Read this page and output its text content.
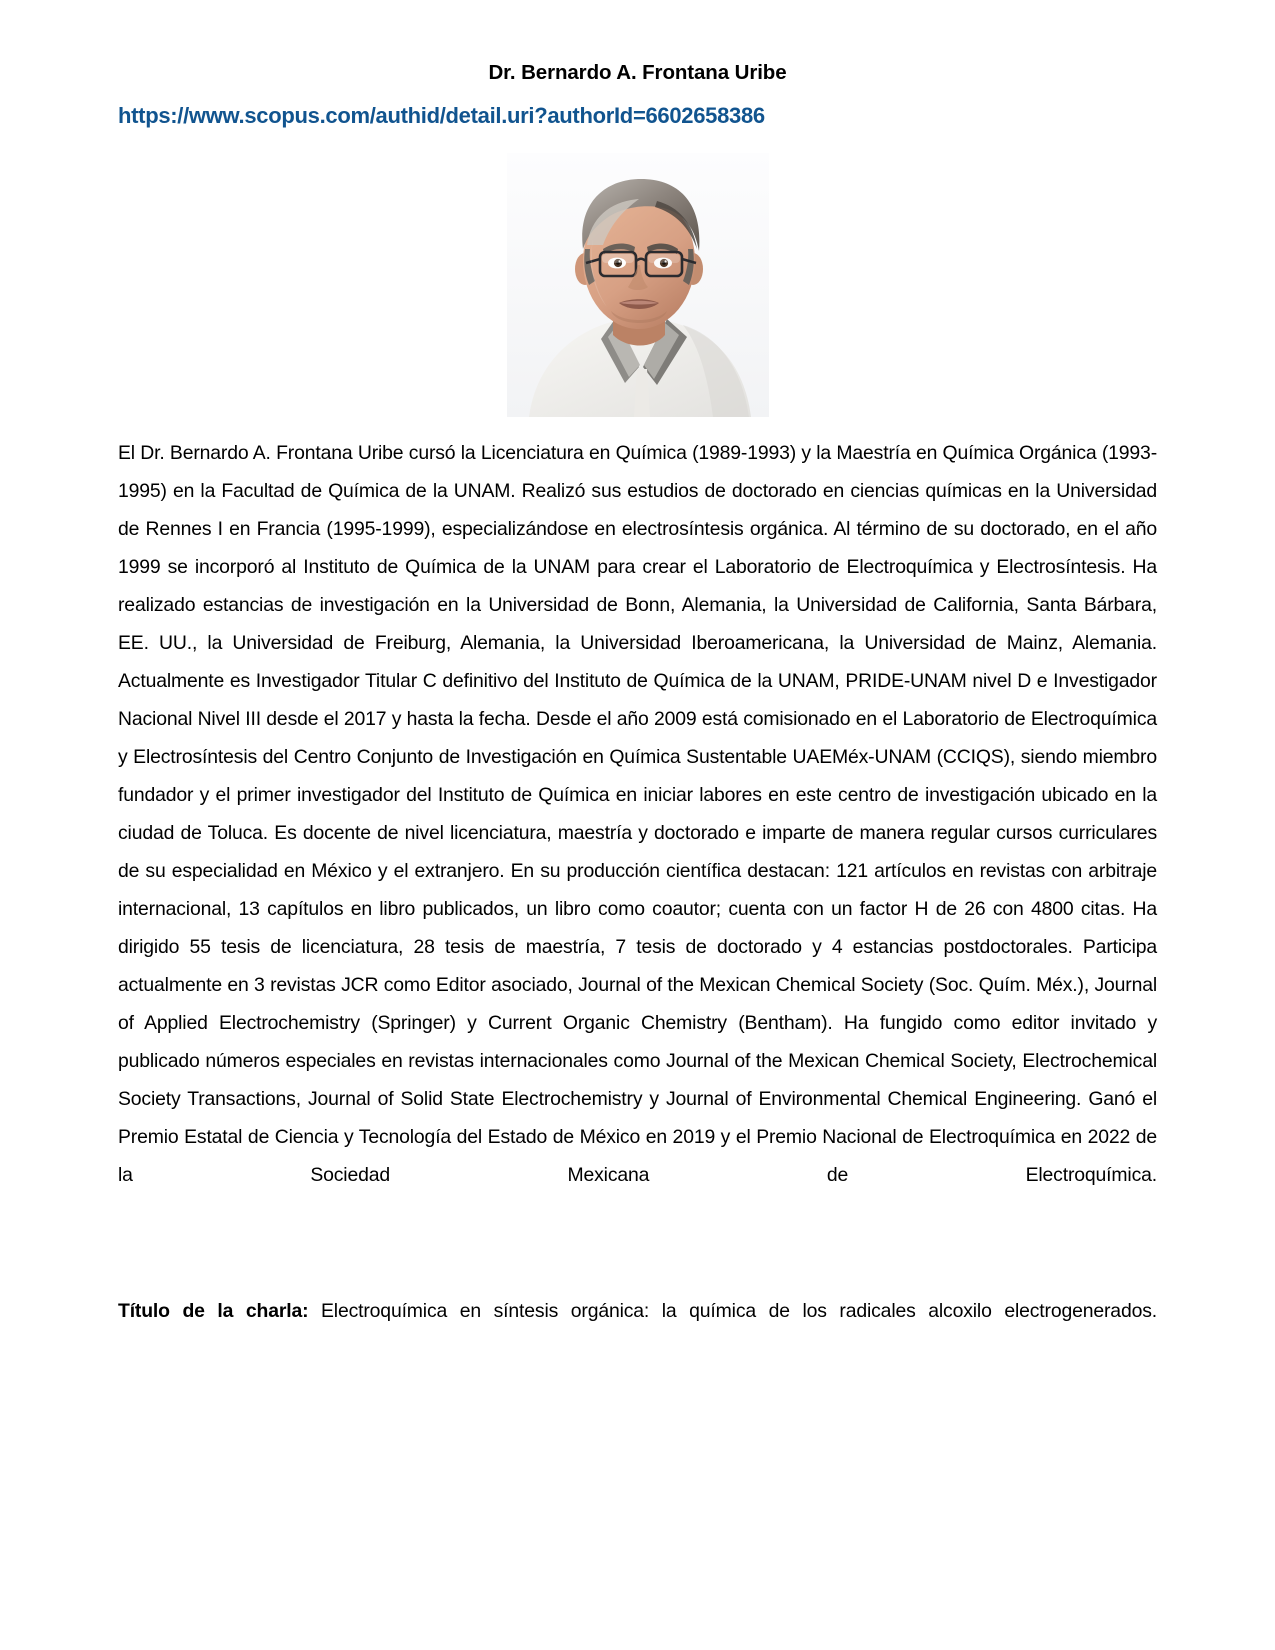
Dr. Bernardo A. Frontana Uribe

https://www.scopus.com/authid/detail.uri?authorId=6602658386

El Dr. Bernardo A. Frontana Uribe cursó la Licenciatura en Química (1989-1993) y la Maestría en Química Orgánica (1993-1995) en la Facultad de Química de la UNAM. Realizó sus estudios de doctorado en ciencias químicas en la Universidad de Rennes I en Francia (1995-1999), especializándose en electrosíntesis orgánica. Al término de su doctorado, en el año 1999 se incorporó al Instituto de Química de la UNAM para crear el Laboratorio de Electroquímica y Electrosíntesis. Ha realizado estancias de investigación en la Universidad de Bonn, Alemania, la Universidad de California, Santa Bárbara, EE. UU., la Universidad de Freiburg, Alemania, la Universidad Iberoamericana, la Universidad de Mainz, Alemania. Actualmente es Investigador Titular C definitivo del Instituto de Química de la UNAM, PRIDE-UNAM nivel D e Investigador Nacional Nivel III desde el 2017 y hasta la fecha. Desde el año 2009 está comisionado en el Laboratorio de Electroquímica y Electrosíntesis del Centro Conjunto de Investigación en Química Sustentable UAEMéx-UNAM (CCIQS), siendo miembro fundador y el primer investigador del Instituto de Química en iniciar labores en este centro de investigación ubicado en la ciudad de Toluca. Es docente de nivel licenciatura, maestría y doctorado e imparte de manera regular cursos curriculares de su especialidad en México y el extranjero. En su producción científica destacan: 121 artículos en revistas con arbitraje internacional, 13 capítulos en libro publicados, un libro como coautor; cuenta con un factor H de 26 con 4800 citas. Ha dirigido 55 tesis de licenciatura, 28 tesis de maestría, 7 tesis de doctorado y 4 estancias postdoctorales. Participa actualmente en 3 revistas JCR como Editor asociado, Journal of the Mexican Chemical Society (Soc. Quím. Méx.), Journal of Applied Electrochemistry (Springer) y Current Organic Chemistry (Bentham). Ha fungido como editor invitado y publicado números especiales en revistas internacionales como Journal of the Mexican Chemical Society, Electrochemical Society Transactions, Journal of Solid State Electrochemistry y Journal of Environmental Chemical Engineering. Ganó el Premio Estatal de Ciencia y Tecnología del Estado de México en 2019 y el Premio Nacional de Electroquímica en 2022 de la Sociedad Mexicana de Electroquímica.

Título de la charla: Electroquímica en síntesis orgánica: la química de los radicales alcoxilo electrogenerados.
